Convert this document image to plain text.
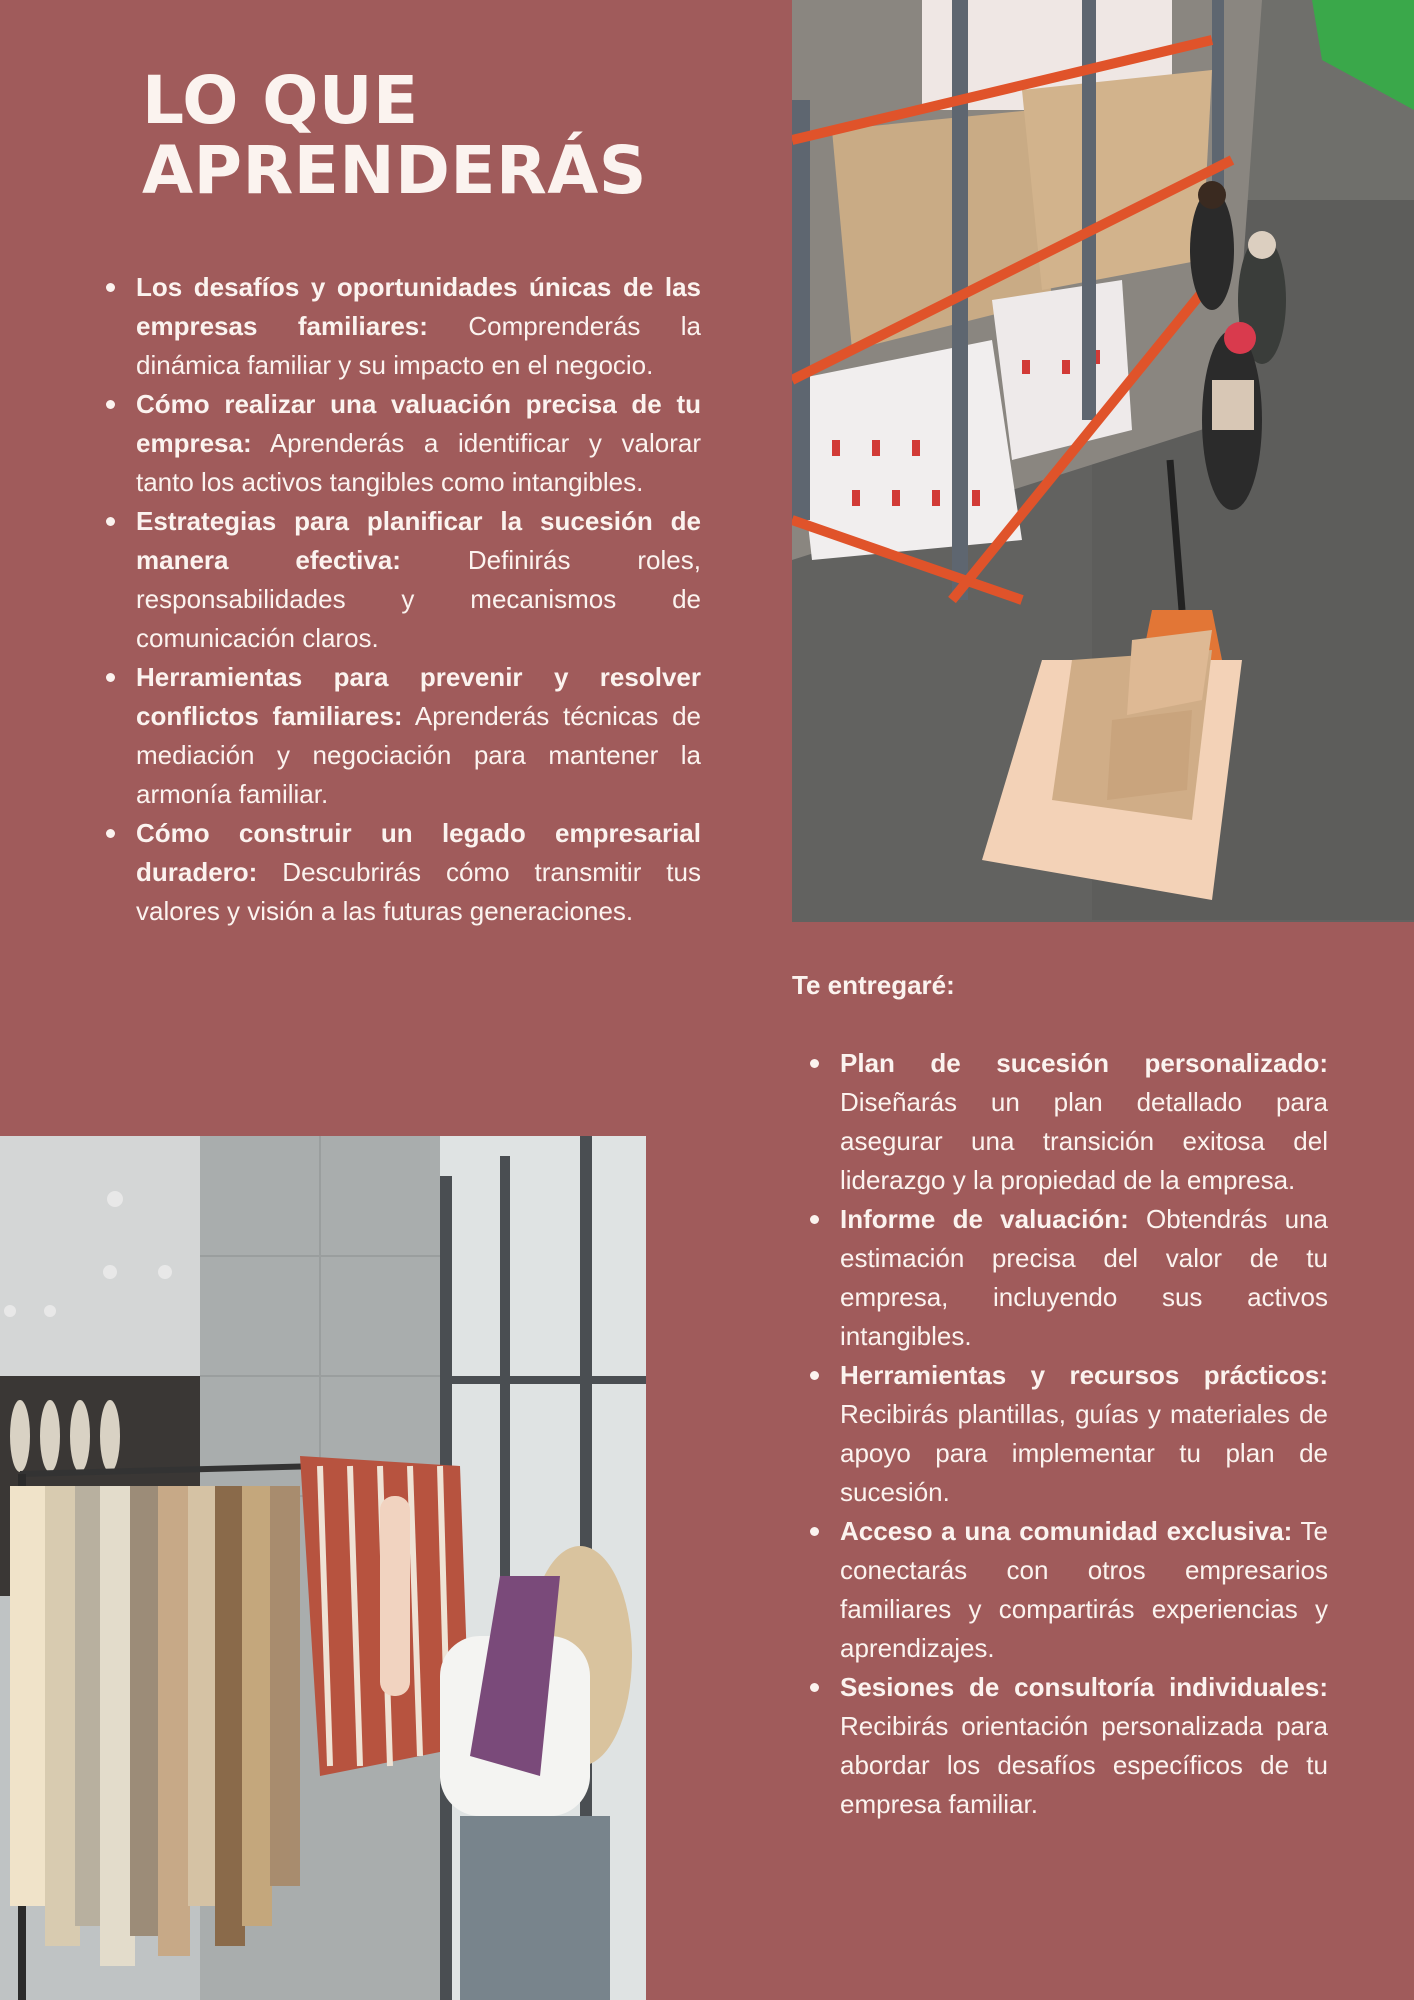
LO QUE
APRENDERÁS
Los desafíos y oportunidades únicas de las empresas familiares: Comprenderás la dinámica familiar y su impacto en el negocio.
Cómo realizar una valuación precisa de tu empresa: Aprenderás a identificar y valorar tanto los activos tangibles como intangibles.
Estrategias para planificar la sucesión de manera efectiva: Definirás roles, responsabilidades y mecanismos de comunicación claros.
Herramientas para prevenir y resolver conflictos familiares: Aprenderás técnicas de mediación y negociación para mantener la armonía familiar.
Cómo construir un legado empresarial duradero: Descubrirás cómo transmitir tus valores y visión a las futuras generaciones.
Te entregaré:
Plan de sucesión personalizado: Diseñarás un plan detallado para asegurar una transición exitosa del liderazgo y la propiedad de la empresa.
Informe de valuación: Obtendrás una estimación precisa del valor de tu empresa, incluyendo sus activos intangibles.
Herramientas y recursos prácticos: Recibirás plantillas, guías y materiales de apoyo para implementar tu plan de sucesión.
Acceso a una comunidad exclusiva: Te conectarás con otros empresarios familiares y compartirás experiencias y aprendizajes.
Sesiones de consultoría individuales: Recibirás orientación personalizada para abordar los desafíos específicos de tu empresa familiar.
